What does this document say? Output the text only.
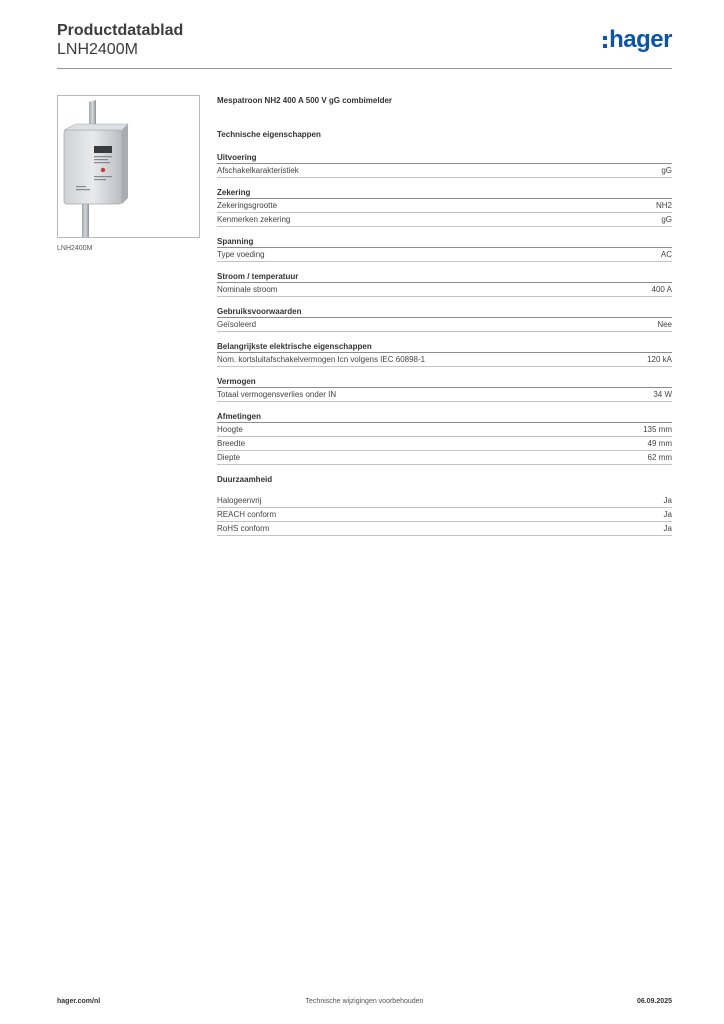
Productdatablad
LNH2400M	hager
LNH2400M
Mespatroon NH2 400 A 500 V gG combimelder
Technische eigenschappen
Uitvoering
Afschakelkarakteristiek	gG
Zekering
Zekeringsgrootte	NH2
Kenmerken zekering	gG
Spanning
Type voeding	AC
Stroom / temperatuur
Nominale stroom	400 A
Gebruiksvoorwaarden
Geïsoleerd	Nee
Belangrijkste elektrische eigenschappen
Nom. kortsluitafschakelvermogen Icn volgens IEC 60898-1	120 kA
Vermogen
Totaal vermogensverlies onder IN	34 W
Afmetingen
Hoogte	135 mm
Breedte	49 mm
Diepte	62 mm
Duurzaamheid
Halogeenvrij	Ja
REACH conform	Ja
RoHS conform	Ja
hager.com/nl	Technische wijzigingen voorbehouden	06.09.2025
